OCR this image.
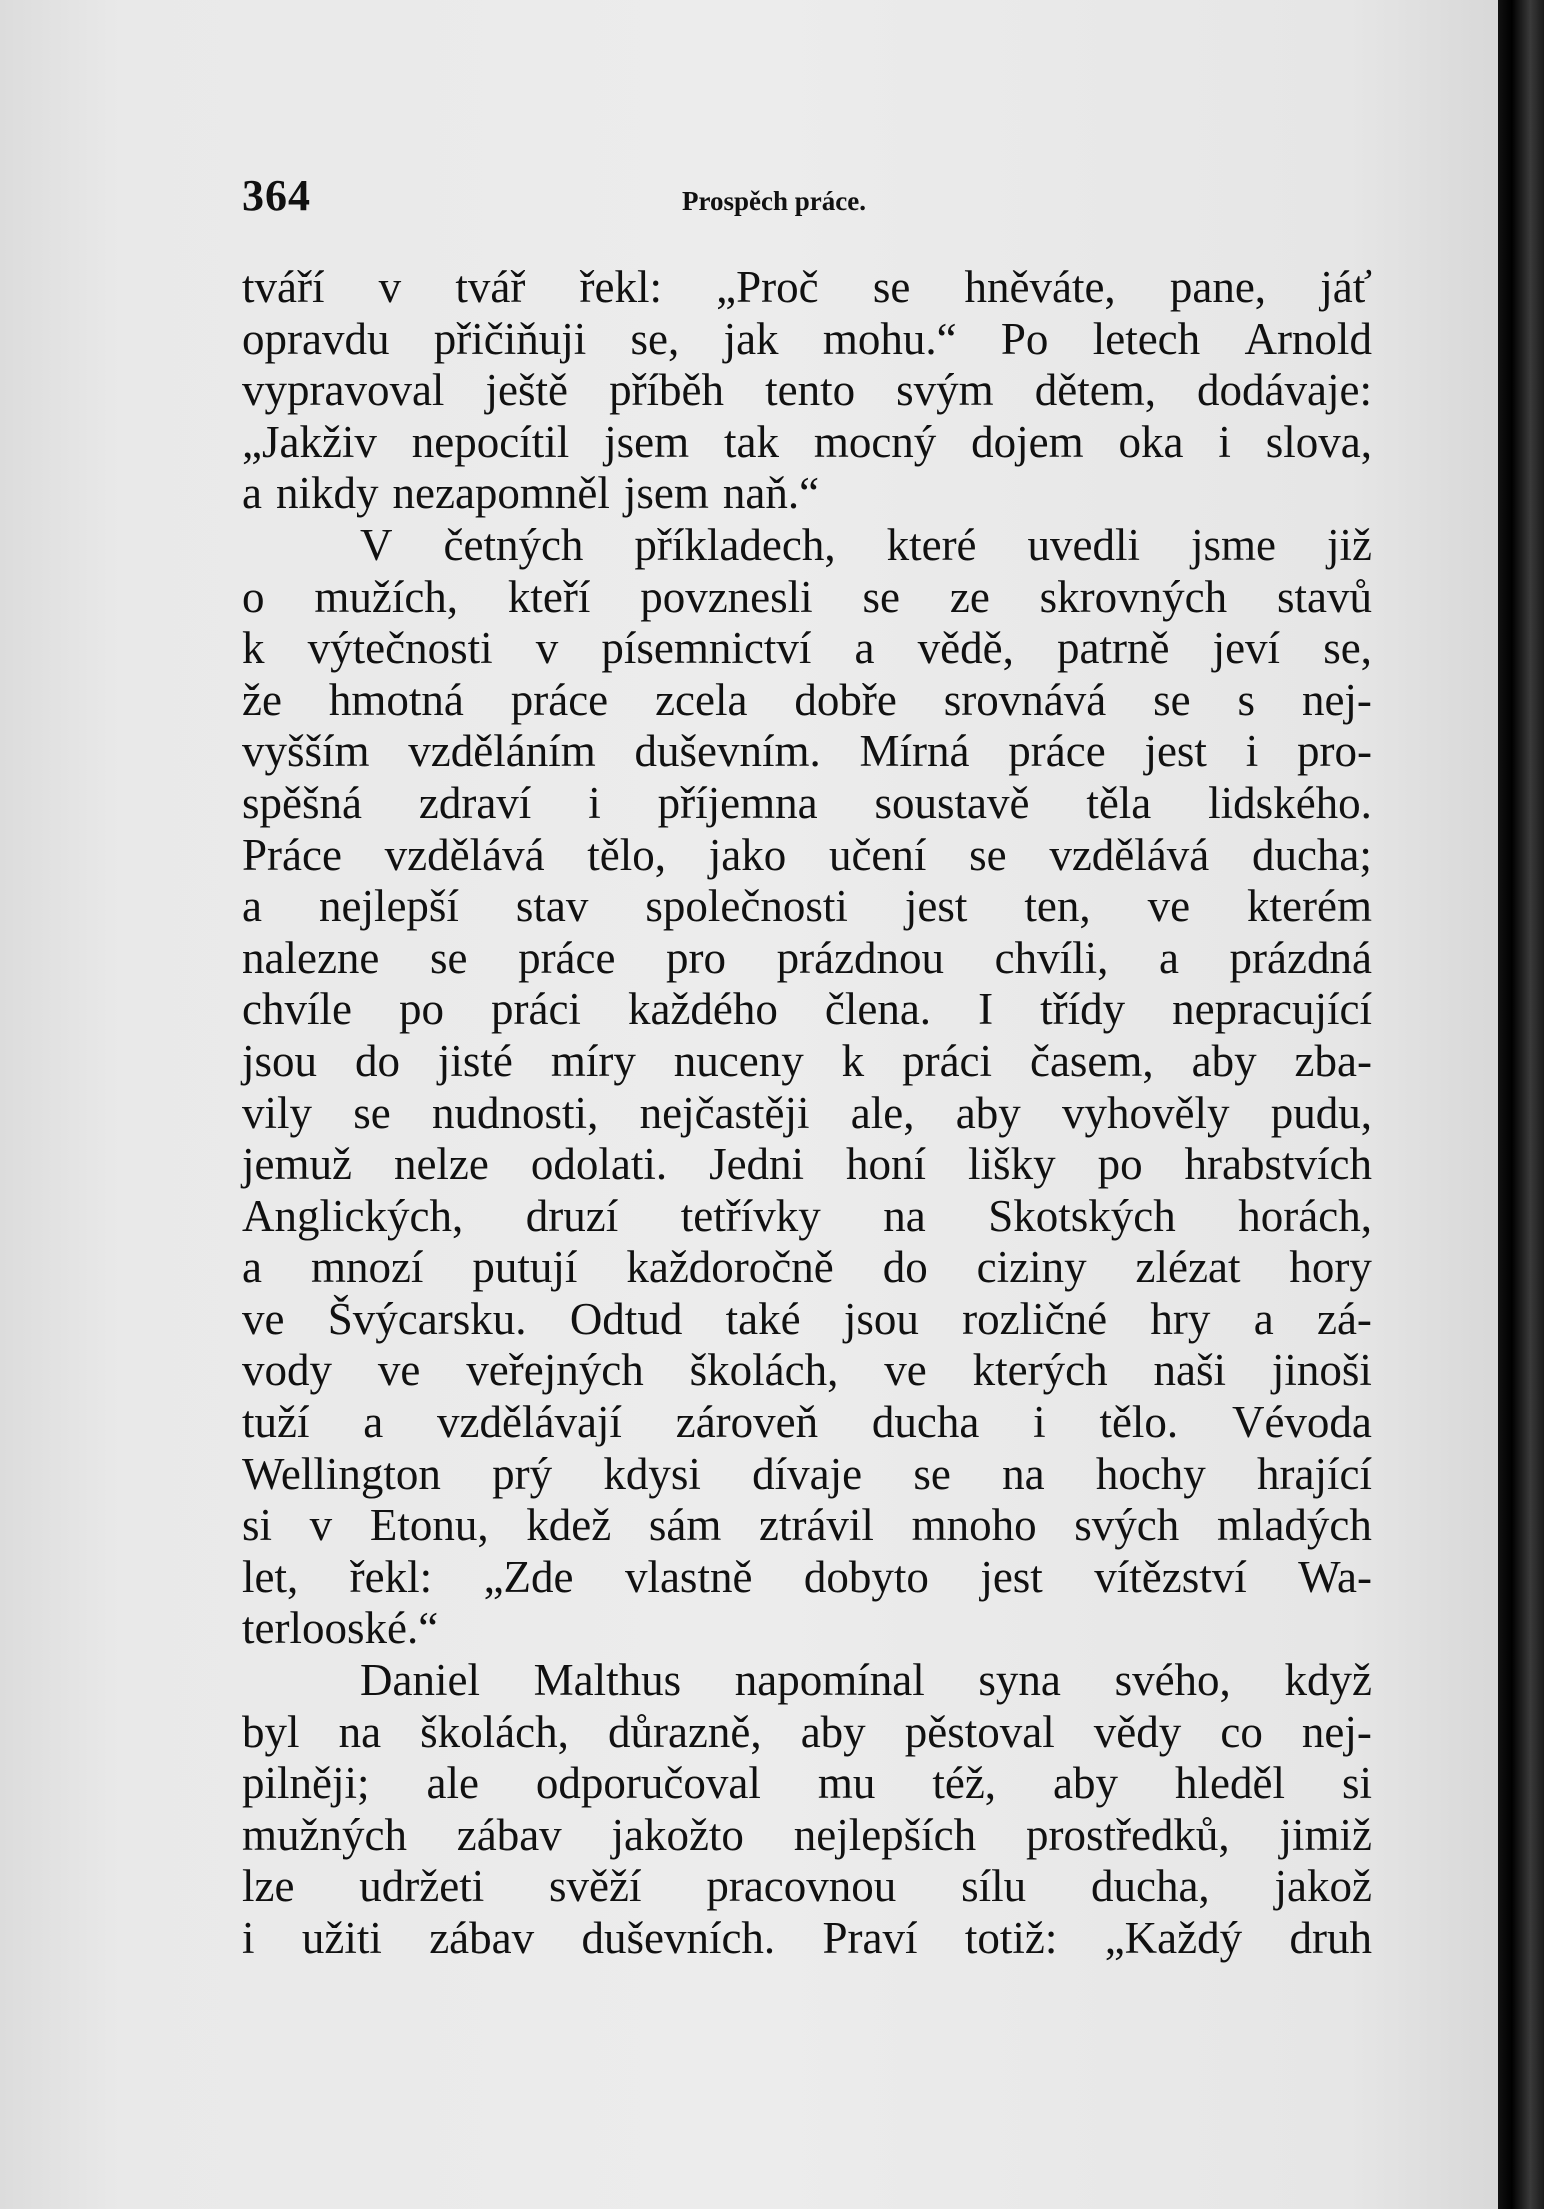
364	Prospěch práce.
tváří v tvář řekl: „Proč se hněváte, pane, jáť
opravdu přičiňuji se, jak mohu.“ Po letech Arnold
vypravoval ještě příběh tento svým dětem, dodávaje:
„Jakživ nepocítil jsem tak mocný dojem oka i slova,
a nikdy nezapomněl jsem naň.“
V četných příkladech, které uvedli jsme již
o mužích, kteří povznesli se ze skrovných stavů
k výtečnosti v písemnictví a vědě, patrně jeví se,
že hmotná práce zcela dobře srovnává se s nej-
vyšším vzděláním duševním. Mírná práce jest i pro-
spěšná zdraví i příjemna soustavě těla lidského.
Práce vzdělává tělo, jako učení se vzdělává ducha;
a nejlepší stav společnosti jest ten, ve kterém
nalezne se práce pro prázdnou chvíli, a prázdná
chvíle po práci každého člena. I třídy nepracující
jsou do jisté míry nuceny k práci časem, aby zba-
vily se nudnosti, nejčastěji ale, aby vyhověly pudu,
jemuž nelze odolati. Jedni honí lišky po hrabstvích
Anglických, druzí tetřívky na Skotských horách,
a mnozí putují každoročně do ciziny zlézat hory
ve Švýcarsku. Odtud také jsou rozličné hry a zá-
vody ve veřejných školách, ve kterých naši jinoši
tuží a vzdělávají zároveň ducha i tělo. Vévoda
Wellington prý kdysi dívaje se na hochy hrající
si v Etonu, kdež sám ztrávil mnoho svých mladých
let, řekl: „Zde vlastně dobyto jest vítězství Wa-
terlooské.“
Daniel Malthus napomínal syna svého, když
byl na školách, důrazně, aby pěstoval vědy co nej-
pilněji; ale odporučoval mu též, aby hleděl si
mužných zábav jakožto nejlepších prostředků, jimiž
lze udržeti svěží pracovnou sílu ducha, jakož
i užiti zábav duševních. Praví totiž: „Každý druh
